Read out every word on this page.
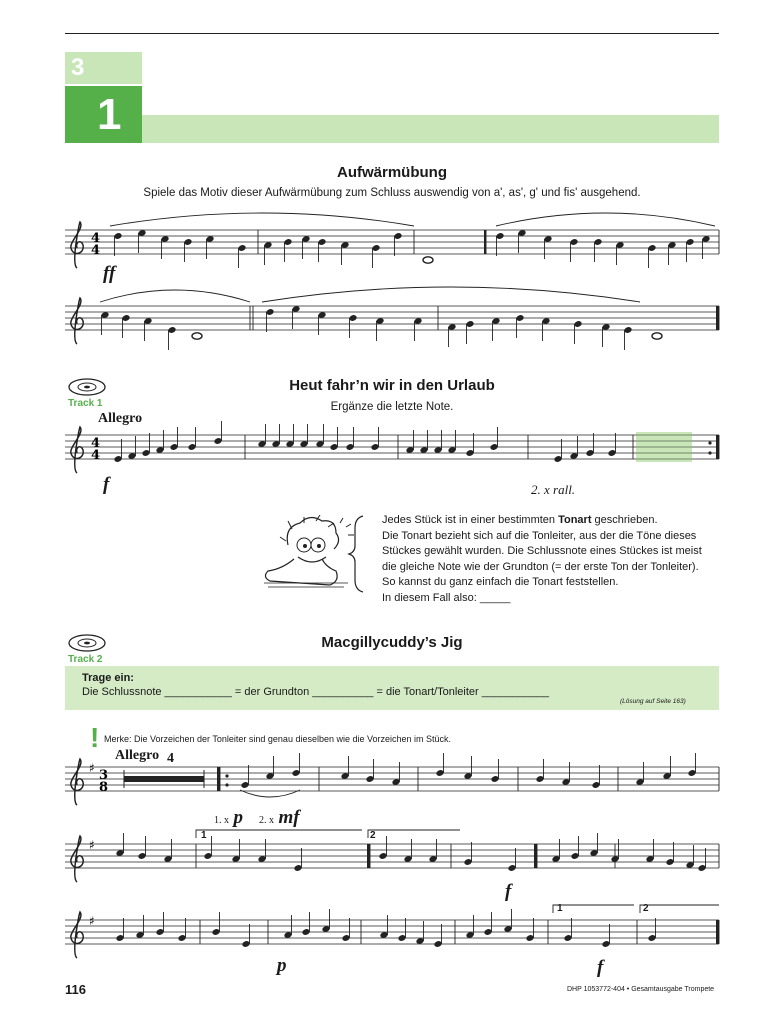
3
1
Aufwärmübung
Spiele das Motiv dieser Aufwärmübung zum Schluss auswendig von a', as', g' und fis' ausgehend.
ff
Track 1
Heut fahr’n wir in den Urlaub
Ergänze die letzte Note.
Allegro
f	2. x rall.
Jedes Stück ist in einer bestimmten Tonart geschrieben.
Die Tonart bezieht sich auf die Tonleiter, aus der die Töne dieses
Stückes gewählt wurden. Die Schlussnote eines Stückes ist meist
die gleiche Note wie der Grundton (= der erste Ton der Tonleiter).
So kannst du ganz einfach die Tonart feststellen.
In diesem Fall also: _____
Track 2
Macgillycuddy’s Jig
Trage ein:
Die Schlussnote ___________ = der Grundton __________ = die Tonart/Tonleiter ___________
(Lösung auf Seite 163)
! Merke: Die Vorzeichen der Tonleiter sind genau dieselben wie die Vorzeichen im Stück.
Allegro 4
1. x p 2. x mf
1	2
f
p	f
1	2
116	DHP 1053772-404 • Gesamtausgabe Trompete
4
4
4
4
♯ 3
8
♯
♯
